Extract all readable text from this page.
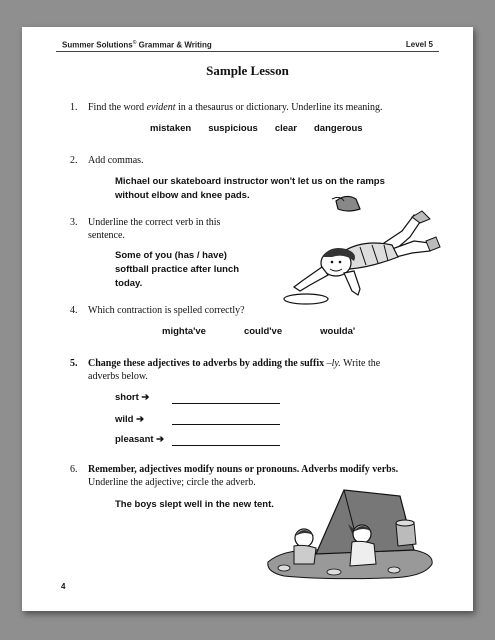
Summer Solutions© Grammar & Writing	Level 5
Sample Lesson
1. Find the word evident in a thesaurus or dictionary. Underline its meaning.
mistaken suspicious clear dangerous
2. Add commas.
Michael our skateboard instructor won't let us on the ramps
without elbow and knee pads.
3. Underline the correct verb in this
sentence.
Some of you (has / have)
softball practice after lunch
today.
4. Which contraction is spelled correctly?
mighta've	could've	woulda'
5. Change these adjectives to adverbs by adding the suffix –ly. Write the
adverbs below.
short ➔
wild ➔
pleasant ➔
6. Remember, adjectives modify nouns or pronouns. Adverbs modify verbs.
Underline the adjective; circle the adverb.
The boys slept well in the new tent.
4
